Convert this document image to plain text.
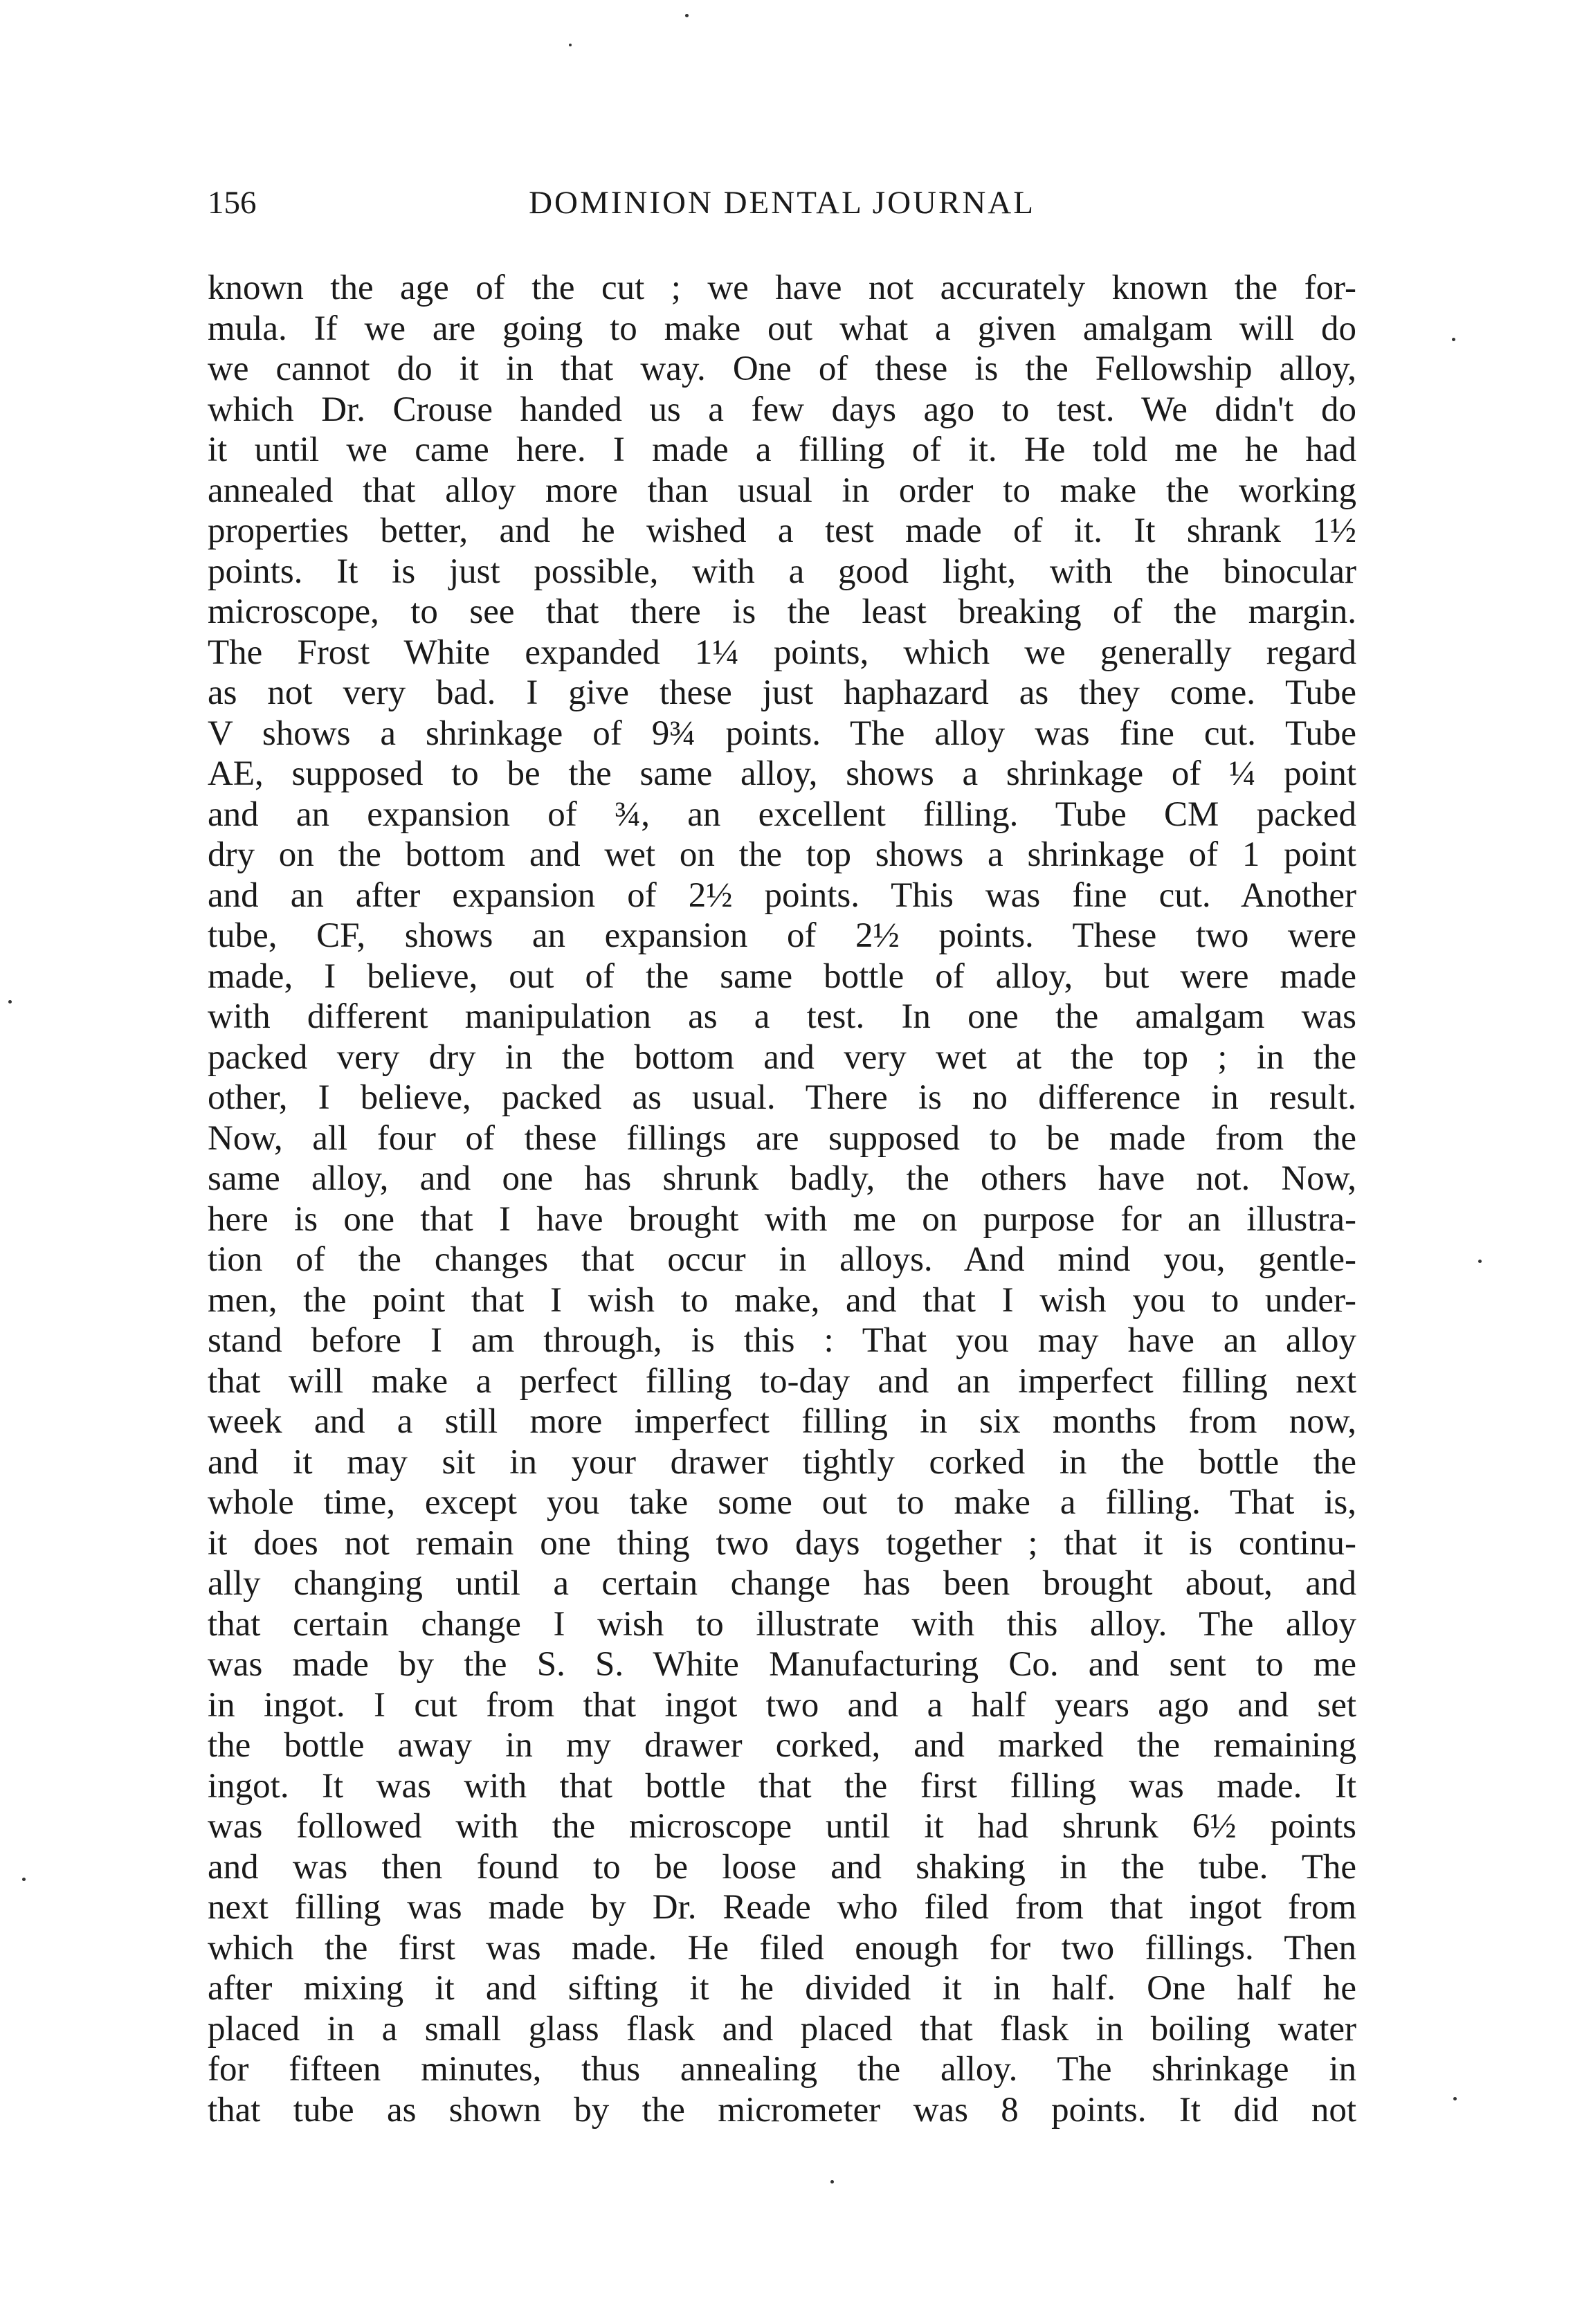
156	DOMINION DENTAL JOURNAL
known the age of the cut ; we have not accurately known the for-
mula. If we are going to make out what a given amalgam will do
we cannot do it in that way. One of these is the Fellowship alloy,
which Dr. Crouse handed us a few days ago to test. We didn't do
it until we came here. I made a filling of it. He told me he had
annealed that alloy more than usual in order to make the working
properties better, and he wished a test made of it. It shrank 1½
points. It is just possible, with a good light, with the binocular
microscope, to see that there is the least breaking of the margin.
The Frost White expanded 1¼ points, which we generally regard
as not very bad. I give these just haphazard as they come. Tube
V shows a shrinkage of 9¾ points. The alloy was fine cut. Tube
AE, supposed to be the same alloy, shows a shrinkage of ¼ point
and an expansion of ¾, an excellent filling. Tube CM packed
dry on the bottom and wet on the top shows a shrinkage of 1 point
and an after expansion of 2½ points. This was fine cut. Another
tube, CF, shows an expansion of 2½ points. These two were
made, I believe, out of the same bottle of alloy, but were made
with different manipulation as a test. In one the amalgam was
packed very dry in the bottom and very wet at the top ; in the
other, I believe, packed as usual. There is no difference in result.
Now, all four of these fillings are supposed to be made from the
same alloy, and one has shrunk badly, the others have not. Now,
here is one that I have brought with me on purpose for an illustra-
tion of the changes that occur in alloys. And mind you, gentle-
men, the point that I wish to make, and that I wish you to under-
stand before I am through, is this : That you may have an alloy
that will make a perfect filling to-day and an imperfect filling next
week and a still more imperfect filling in six months from now,
and it may sit in your drawer tightly corked in the bottle the
whole time, except you take some out to make a filling. That is,
it does not remain one thing two days together ; that it is continu-
ally changing until a certain change has been brought about, and
that certain change I wish to illustrate with this alloy. The alloy
was made by the S. S. White Manufacturing Co. and sent to me
in ingot. I cut from that ingot two and a half years ago and set
the bottle away in my drawer corked, and marked the remaining
ingot. It was with that bottle that the first filling was made. It
was followed with the microscope until it had shrunk 6½ points
and was then found to be loose and shaking in the tube. The
next filling was made by Dr. Reade who filed from that ingot from
which the first was made. He filed enough for two fillings. Then
after mixing it and sifting it he divided it in half. One half he
placed in a small glass flask and placed that flask in boiling water
for fifteen minutes, thus annealing the alloy. The shrinkage in
that tube as shown by the micrometer was 8 points. It did not
